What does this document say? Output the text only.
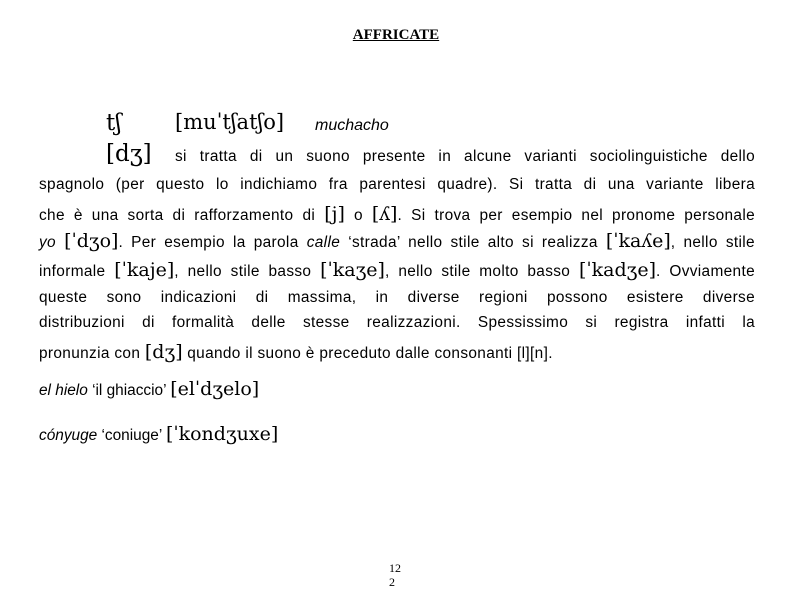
AFFRICATE
tʃ	[muˈtʃatʃo] muchacho
[dʒ] si tratta di un suono presente in alcune varianti sociolinguistiche dello
spagnolo (per questo lo indichiamo fra parentesi quadre). Si tratta di una variante libera
che è una sorta di rafforzamento di [j] o [ʎ]. Si trova per esempio nel pronome personale
yo [ˈdʒo]. Per esempio la parola calle ‘strada’ nello stile alto si realizza [ˈkaʎe], nello stile
informale [ˈkaje], nello stile basso [ˈkaʒe], nello stile molto basso [ˈkadʒe]. Ovviamente
queste sono indicazioni di massima, in diverse regioni possono esistere diverse
distribuzioni di formalità delle stesse realizzazioni. Spessissimo si registra infatti la
pronunzia con [dʒ] quando il suono è preceduto dalle consonanti [l][n].
el hielo ‘il ghiaccio’ [elˈdʒelo]
cónyuge ‘coniuge’ [ˈkondʒuxe]
12
2
